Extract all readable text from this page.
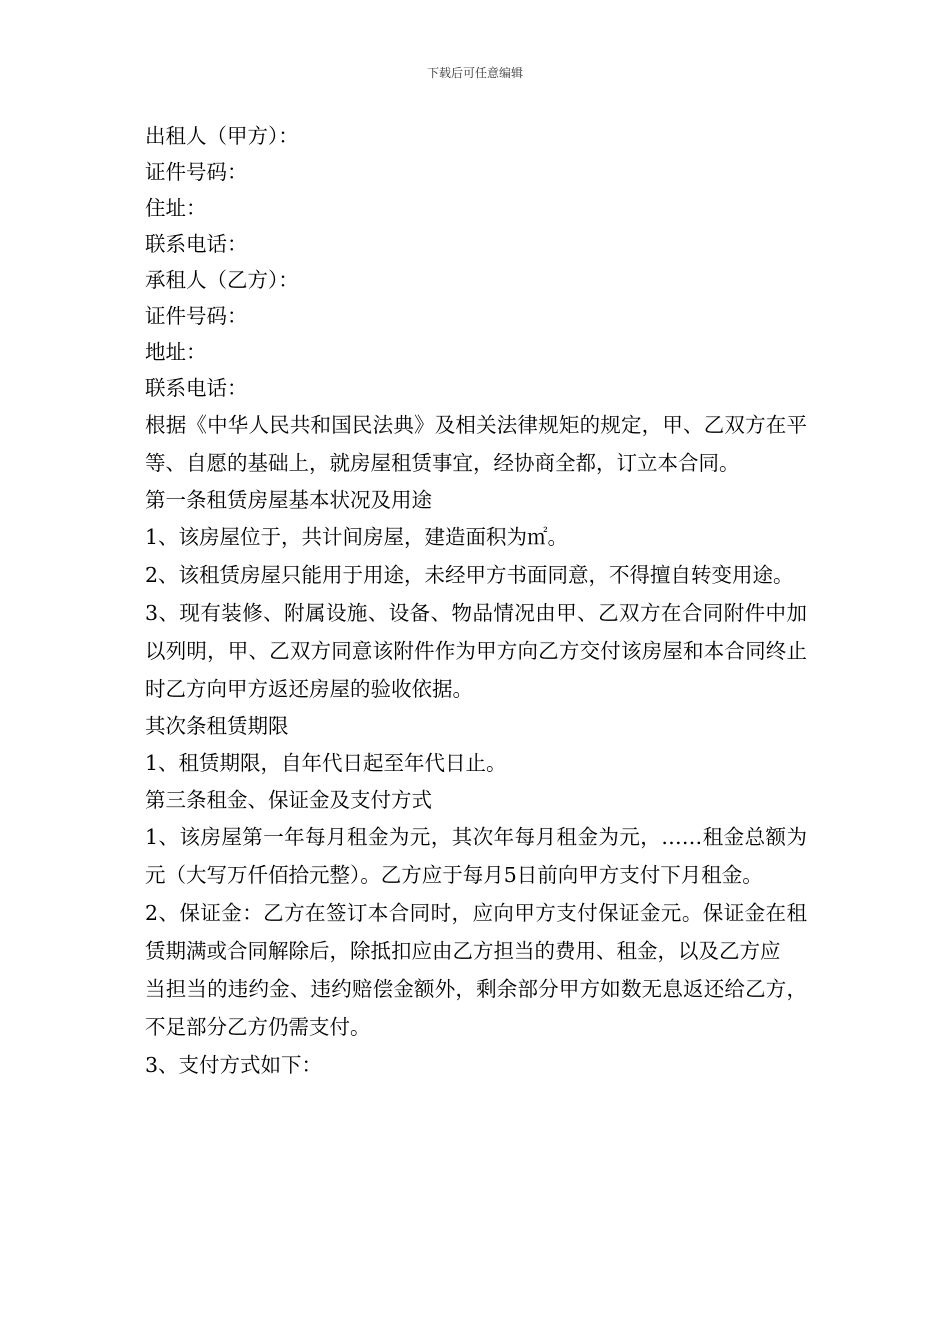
下载后可任意编辑
出租人（甲方）：
证件号码：
住址：
联系电话：
承租人（乙方）：
证件号码：
地址：
联系电话：
根据《中华人民共和国民法典》及相关法律规矩的规定，甲、乙双方在平等、自愿的基础上，就房屋租赁事宜，经协商全都，订立本合同。
第一条租赁房屋基本状况及用途
1、该房屋位于，共计间房屋，建造面积为㎡。
2、该租赁房屋只能用于用途，未经甲方书面同意，不得擅自转变用途。
3、现有装修、附属设施、设备、物品情况由甲、乙双方在合同附件中加以列明，甲、乙双方同意该附件作为甲方向乙方交付该房屋和本合同终止时乙方向甲方返还房屋的验收依据。
其次条租赁期限
1、租赁期限，自年代日起至年代日止。
第三条租金、保证金及支付方式
1、该房屋第一年每月租金为元，其次年每月租金为元，……租金总额为元（大写万仟佰拾元整）。乙方应于每月5日前向甲方支付下月租金。
2、保证金：乙方在签订本合同时，应向甲方支付保证金元。保证金在租赁期满或合同解除后，除抵扣应由乙方担当的费用、租金，以及乙方应
当担当的违约金、违约赔偿金额外，剩余部分甲方如数无息返还给乙方，不足部分乙方仍需支付。
3、支付方式如下：
